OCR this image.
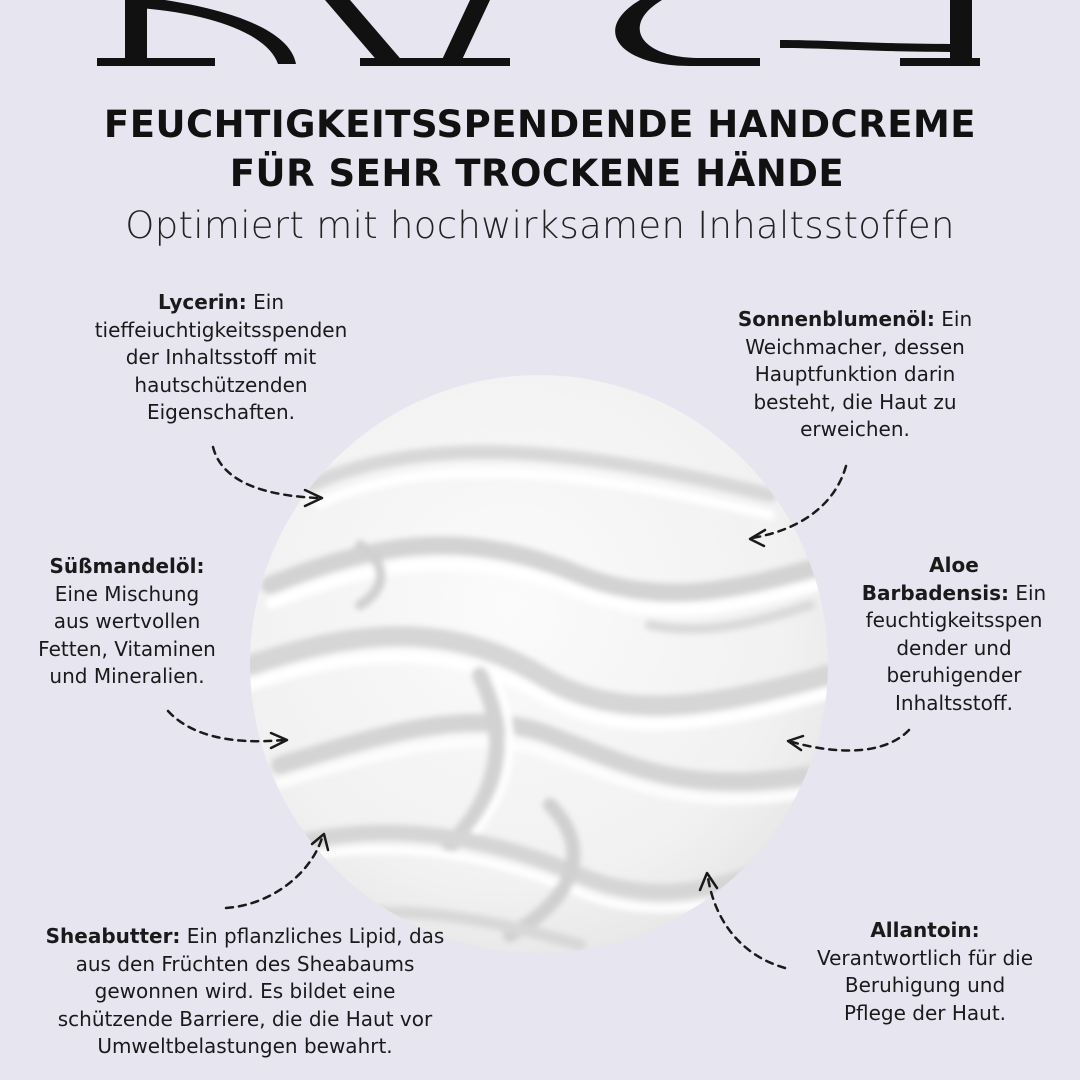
FEUCHTIGKEITSSPENDENDE HANDCREME
FÜR SEHR TROCKENE HÄNDE
Optimiert mit hochwirksamen Inhaltsstoffen
Lycerin: Ein
tieffeiuchtigkeitsspenden
der Inhaltsstoff mit
hautschützenden
Eigenschaften.
Sonnenblumenöl: Ein
Weichmacher, dessen
Hauptfunktion darin
besteht, die Haut zu
erweichen.
Süßmandelöl:
Eine Mischung
aus wertvollen
Fetten, Vitaminen
und Mineralien.
Aloe
Barbadensis: Ein
feuchtigkeitsspen
dender und
beruhigender
Inhaltsstoff.
Sheabutter: Ein pflanzliches Lipid, das
aus den Früchten des Sheabaums
gewonnen wird. Es bildet eine
schützende Barriere, die die Haut vor
Umweltbelastungen bewahrt.
Allantoin:
Verantwortlich für die
Beruhigung und
Pflege der Haut.
